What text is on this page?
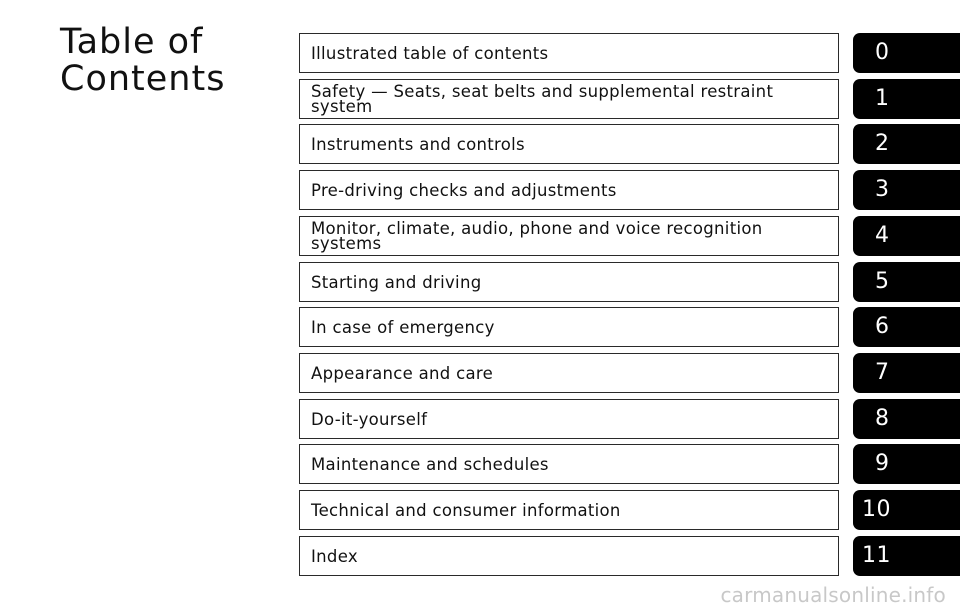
Table of
Contents
Illustrated table of contents	0
Safety — Seats, seat belts and supplemental restraint system	1
Instruments and controls	2
Pre-driving checks and adjustments	3
Monitor, climate, audio, phone and voice recognition systems	4
Starting and driving	5
In case of emergency	6
Appearance and care	7
Do-it-yourself	8
Maintenance and schedules	9
Technical and consumer information	10
Index	11
carmanualsonline.info
